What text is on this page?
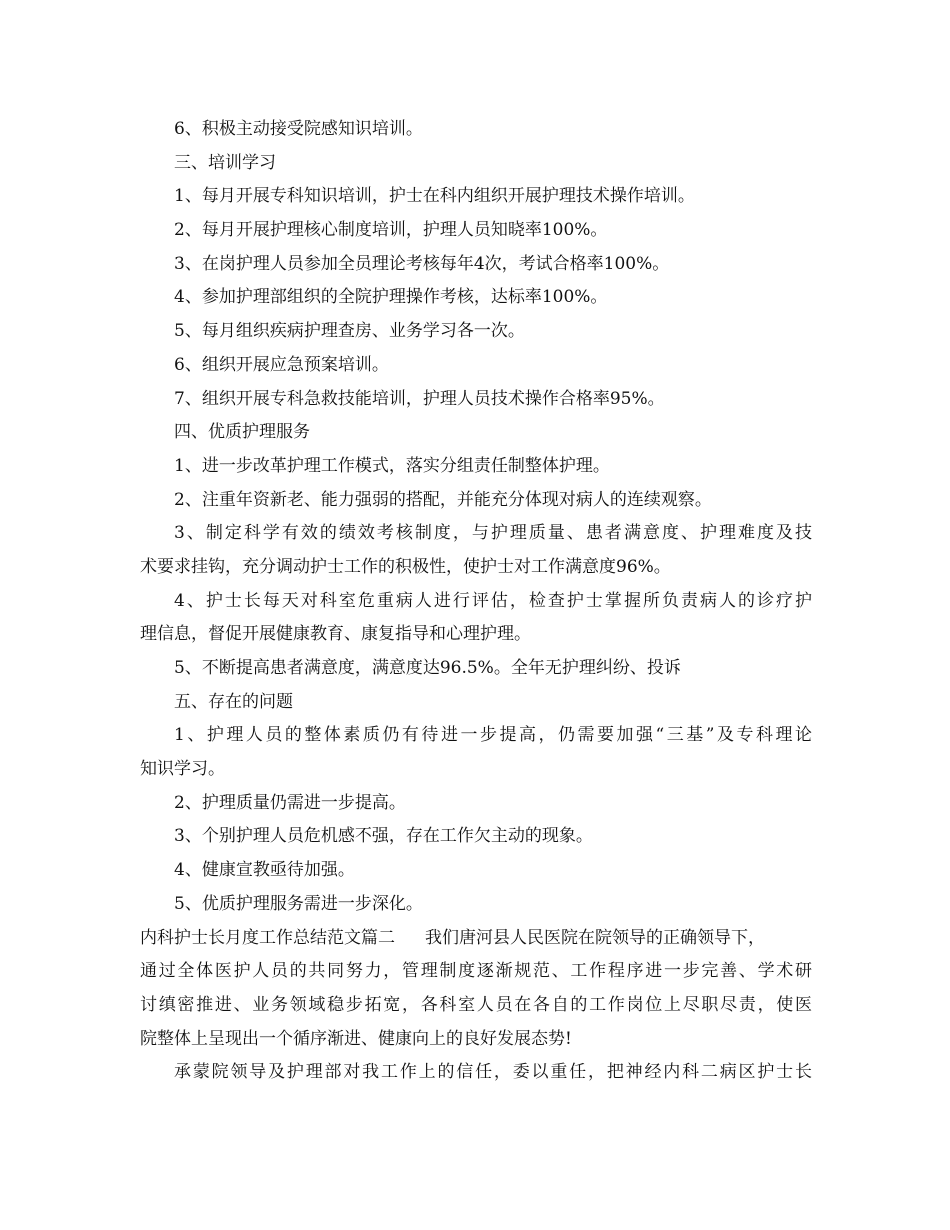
6、积极主动接受院感知识培训。
三、培训学习
1、每月开展专科知识培训，护士在科内组织开展护理技术操作培训。
2、每月开展护理核心制度培训，护理人员知晓率100%。
3、在岗护理人员参加全员理论考核每年4次，考试合格率100%。
4、参加护理部组织的全院护理操作考核，达标率100%。
5、每月组织疾病护理查房、业务学习各一次。
6、组织开展应急预案培训。
7、组织开展专科急救技能培训，护理人员技术操作合格率95%。
四、优质护理服务
1、进一步改革护理工作模式，落实分组责任制整体护理。
2、注重年资新老、能力强弱的搭配，并能充分体现对病人的连续观察。
3、制定科学有效的绩效考核制度，与护理质量、患者满意度、护理难度及技
术要求挂钩，充分调动护士工作的积极性，使护士对工作满意度96%。
4、护士长每天对科室危重病人进行评估，检查护士掌握所负责病人的诊疗护
理信息，督促开展健康教育、康复指导和心理护理。
5、不断提高患者满意度，满意度达96.5%。全年无护理纠纷、投诉
五、存在的问题
1、护理人员的整体素质仍有待进一步提高，仍需要加强“三基”及专科理论
知识学习。
2、护理质量仍需进一步提高。
3、个别护理人员危机感不强，存在工作欠主动的现象。
4、健康宣教亟待加强。
5、优质护理服务需进一步深化。
内科护士长月度工作总结范文篇二 我们唐河县人民医院在院领导的正确领导下，
通过全体医护人员的共同努力，管理制度逐渐规范、工作程序进一步完善、学术研
讨缜密推进、业务领域稳步拓宽，各科室人员在各自的工作岗位上尽职尽责，使医
院整体上呈现出一个循序渐进、健康向上的良好发展态势!
承蒙院领导及护理部对我工作上的信任，委以重任，把神经内科二病区护士长
